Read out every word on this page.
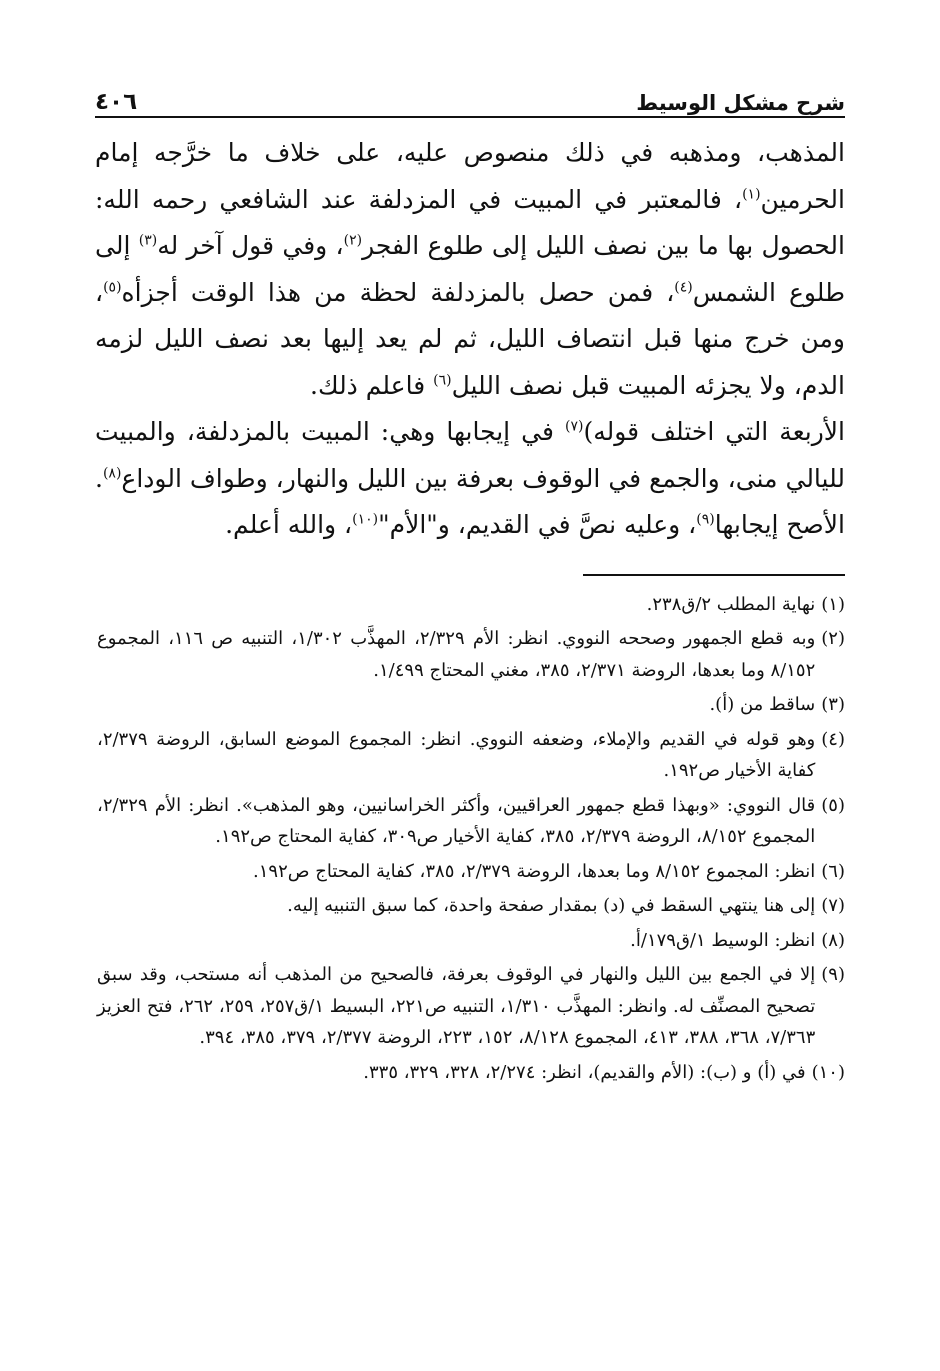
شرح مشكل الوسيط
٤٠٦

المذهب، ومذهبه في ذلك منصوص عليه، على خلاف ما خرَّجه إمام الحرمين$^{(١)}$، فالمعتبر في المبيت في المزدلفة عند الشافعي رحمه الله: الحصول بها ما بين نصف الليل إلى طلوع الفجر$^{(٢)}$، وفي قول آخر له$^{(٣)}$ إلى طلوع الشمس$^{(٤)}$، فمن حصل بالمزدلفة لحظة من هذا الوقت أجزأه$^{(٥)}$، ومن خرج منها قبل انتصاف الليل، ثم لم يعد إليها بعد نصف الليل لزمه الدم، ولا يجزئه المبيت قبل نصف الليل$^{(٦)}$ فاعلم ذلك.

الأربعة التي اختلف قوله)$^{(٧)}$ في إيجابها وهي: المبيت بالمزدلفة، والمبيت لليالي منى، والجمع في الوقوف بعرفة بين الليل والنهار، وطواف الوداع$^{(٨)}$. الأصح إيجابها$^{(٩)}$، وعليه نصَّ في القديم، و"الأم"$^{(١٠)}$، والله أعلم.

(١)
نهاية المطلب ٢/ق٢٣٨.
(٢)
وبه قطع الجمهور وصححه النووي. انظر: الأم ٢/٣٢٩، المهذَّب ١/٣٠٢، التنبيه ص ١١٦، المجموع ٨/١٥٢ وما بعدها، الروضة ٢/٣٧١، ٣٨٥، مغني المحتاج ١/٤٩٩.
(٣)
ساقط من (أ).
(٤)
وهو قوله في القديم والإملاء، وضعفه النووي. انظر: المجموع الموضع السابق، الروضة ٢/٣٧٩، كفاية الأخيار ص١٩٢.
(٥)
قال النووي: «وبهذا قطع جمهور العراقيين، وأكثر الخراسانيين، وهو المذهب». انظر: الأم ٢/٣٢٩، المجموع ٨/١٥٢، الروضة ٢/٣٧٩، ٣٨٥، كفاية الأخيار ص٣٠٩، كفاية المحتاج ص١٩٢.
(٦)
انظر: المجموع ٨/١٥٢ وما بعدها، الروضة ٢/٣٧٩، ٣٨٥، كفاية المحتاج ص١٩٢.
(٧)
إلى هنا ينتهي السقط في (د) بمقدار صفحة واحدة، كما سبق التنبيه إليه.
(٨)
انظر: الوسيط ١/ق١٧٩/أ.
(٩)
إلا في الجمع بين الليل والنهار في الوقوف بعرفة، فالصحيح من المذهب أنه مستحب، وقد سبق تصحيح المصنِّف له. وانظر: المهذَّب ١/٣١٠، التنبيه ص٢٢١، البسيط ١/ق٢٥٧، ٢٥٩، ٢٦٢، فتح العزيز ٧/٣٦٣، ٣٦٨، ٣٨٨، ٤١٣، المجموع ٨/١٢٨، ١٥٢، ٢٢٣، الروضة ٢/٣٧٧، ٣٧٩، ٣٨٥، ٣٩٤.
(١٠)
في (أ) و (ب): (الأم والقديم)، انظر: ٢/٢٧٤، ٣٢٨، ٣٢٩، ٣٣٥.
